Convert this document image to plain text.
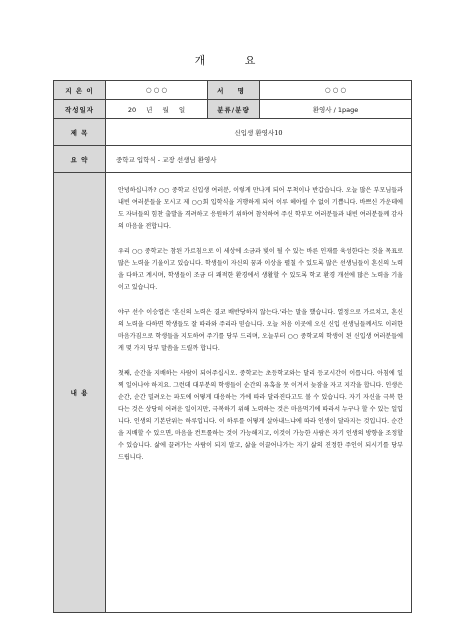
개 요
지 은 이	○ ○ ○	서 명	○ ○ ○
작성일자	20 년 월 일	분류/분량	환영사 / 1page
제 목	신입생 환영사10		
요 약	중학교 입학식 - 교장 선생님 환영사		
내 용	안녕하십니까? ○○ 중학교 신입생 여러분, 이렇게 만나게 되어 무척이나 반갑습니다. 오늘 많은 부모님들과 내빈 여러분들을 모시고 제 ○○회 입학식을 거행하게 되어 이루 헤아릴 수 없이 기쁩니다. 바쁘신 가운데에도 자녀들의 힘찬 출발을 격려하고 응원하기 위하여 참석하여 주신 학부모 여러분들과 내빈 여러분들께 감사의 마음을 전합니다.

우리 ○○ 중학교는 참된 가르침으로 이 세상에 소금과 빛이 될 수 있는 바른 인재를 육성한다는 것을 목표로 많은 노력을 기울이고 있습니다. 학생들이 자신의 꿈과 이상을 펼칠 수 있도록 많은 선생님들이 혼신의 노력을 다하고 계시며, 학생들이 조금 더 쾌적한 환경에서 생활할 수 있도록 학교 환경 개선에 많은 노력을 기울이고 있습니다.

야구 선수 이승엽은 '혼신의 노력은 결코 배반당하지 않는다.'라는 말을 했습니다. 열정으로 가르치고, 혼신의 노력을 다하면 학생들도 잘 따라와 주리라 믿습니다. 오늘 처음 이곳에 오신 신입 선생님들께서도 이러한 마음가짐으로 학생들을 지도하여 주기를 당부 드리며, 오늘부터 ○○ 중학교의 학생이 된 신입생 여러분들에게 몇 가지 당부 말씀을 드릴까 합니다.

첫째, 순간을 지배하는 사람이 되어주십시오. 중학교는 초등학교와는 달리 등교시간이 이릅니다. 아침에 일찍 일어나야 하지요. 그런데 대부분의 학생들이 순간의 유혹을 못 이겨서 늦잠을 자고 지각을 합니다. 인생은 순간, 순간 밀려오는 파도에 어떻게 대응하는 가에 따라 달라진다고도 볼 수 있습니다. 자기 자신을 극복 한다는 것은 상당히 어려운 일이지만, 극복하기 위해 노력하는 것은 마음먹기에 따라서 누구나 할 수 있는 일입니다. 인생의 기본단위는 하루입니다. 이 하루를 어떻게 살아내느냐에 따라 인생이 달라지는 것입니다. 순간을 지배할 수 있으면, 마음을 컨트롤하는 것이 가능해지고, 이것이 가능한 사람은 자기 인생의 방향을 조정할 수 있습니다. 삶에 끌려가는 사람이 되지 말고, 삶을 이끌어나가는 자기 삶의 진정한 주인이 되시기를 당부 드립니다.		
